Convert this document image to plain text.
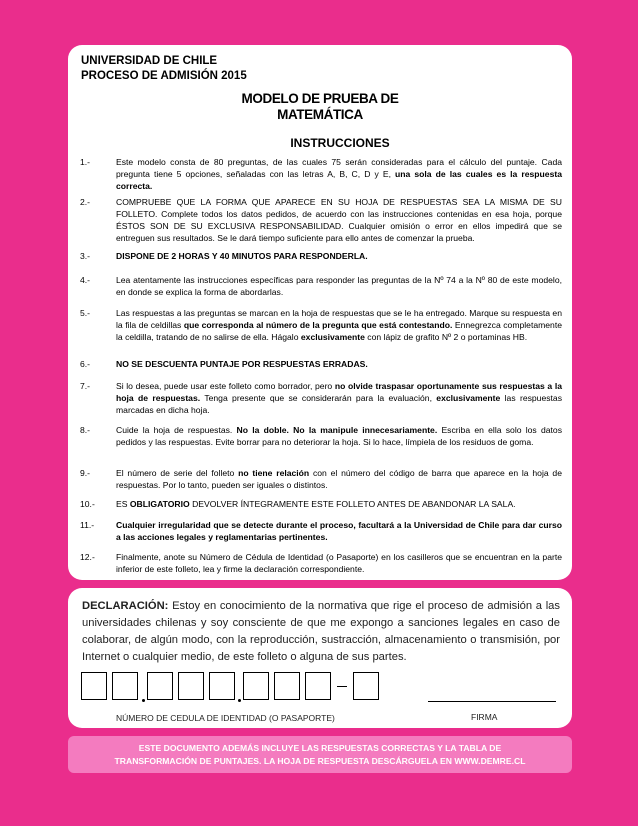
UNIVERSIDAD DE CHILE
PROCESO DE ADMISIÓN 2015
MODELO DE PRUEBA DE
MATEMÁTICA
INSTRUCCIONES
1.-	Este modelo consta de 80 preguntas, de las cuales 75 serán consideradas para el cálculo del puntaje. Cada pregunta tiene 5 opciones, señaladas con las letras A, B, C, D y E, una sola de las cuales es la respuesta correcta.
2.-	COMPRUEBE QUE LA FORMA QUE APARECE EN SU HOJA DE RESPUESTAS SEA LA MISMA DE SU FOLLETO. Complete todos los datos pedidos, de acuerdo con las instrucciones contenidas en esa hoja, porque ÉSTOS SON DE SU EXCLUSIVA RESPONSABILIDAD. Cualquier omisión o error en ellos impedirá que se entreguen sus resultados. Se le dará tiempo suficiente para ello antes de comenzar la prueba.
3.-	DISPONE DE 2 HORAS Y 40 MINUTOS PARA RESPONDERLA.
4.-	Lea atentamente las instrucciones específicas para responder las preguntas de la Nº 74 a la Nº 80 de este modelo, en donde se explica la forma de abordarlas.
5.-	Las respuestas a las preguntas se marcan en la hoja de respuestas que se le ha entregado. Marque su respuesta en la fila de celdillas que corresponda al número de la pregunta que está contestando. Ennegrezca completamente la celdilla, tratando de no salirse de ella. Hágalo exclusivamente con lápiz de grafito Nº 2 o portaminas HB.
6.-	NO SE DESCUENTA PUNTAJE POR RESPUESTAS ERRADAS.
7.-	Si lo desea, puede usar este folleto como borrador, pero no olvide traspasar oportunamente sus respuestas a la hoja de respuestas. Tenga presente que se considerarán para la evaluación, exclusivamente las respuestas marcadas en dicha hoja.
8.-	Cuide la hoja de respuestas. No la doble. No la manipule innecesariamente. Escriba en ella solo los datos pedidos y las respuestas. Evite borrar para no deteriorar la hoja. Si lo hace, límpiela de los residuos de goma.
9.-	El número de serie del folleto no tiene relación con el número del código de barra que aparece en la hoja de respuestas. Por lo tanto, pueden ser iguales o distintos.
10.-	ES OBLIGATORIO DEVOLVER ÍNTEGRAMENTE ESTE FOLLETO ANTES DE ABANDONAR LA SALA.
11.-	Cualquier irregularidad que se detecte durante el proceso, facultará a la Universidad de Chile para dar curso a las acciones legales y reglamentarias pertinentes.
12.-	Finalmente, anote su Número de Cédula de Identidad (o Pasaporte) en los casilleros que se encuentran en la parte inferior de este folleto, lea y firme la declaración correspondiente.
DECLARACIÓN: Estoy en conocimiento de la normativa que rige el proceso de admisión a las universidades chilenas y soy consciente de que me expongo a sanciones legales en caso de colaborar, de algún modo, con la reproducción, sustracción, almacenamiento o transmisión, por Internet o cualquier medio, de este folleto o alguna de sus partes.
NÚMERO DE CEDULA DE IDENTIDAD (O PASAPORTE)	FIRMA
ESTE DOCUMENTO ADEMÁS INCLUYE LAS RESPUESTAS CORRECTAS Y LA TABLA DE
TRANSFORMACIÓN DE PUNTAJES. LA HOJA DE RESPUESTA DESCÁRGUELA EN WWW.DEMRE.CL
